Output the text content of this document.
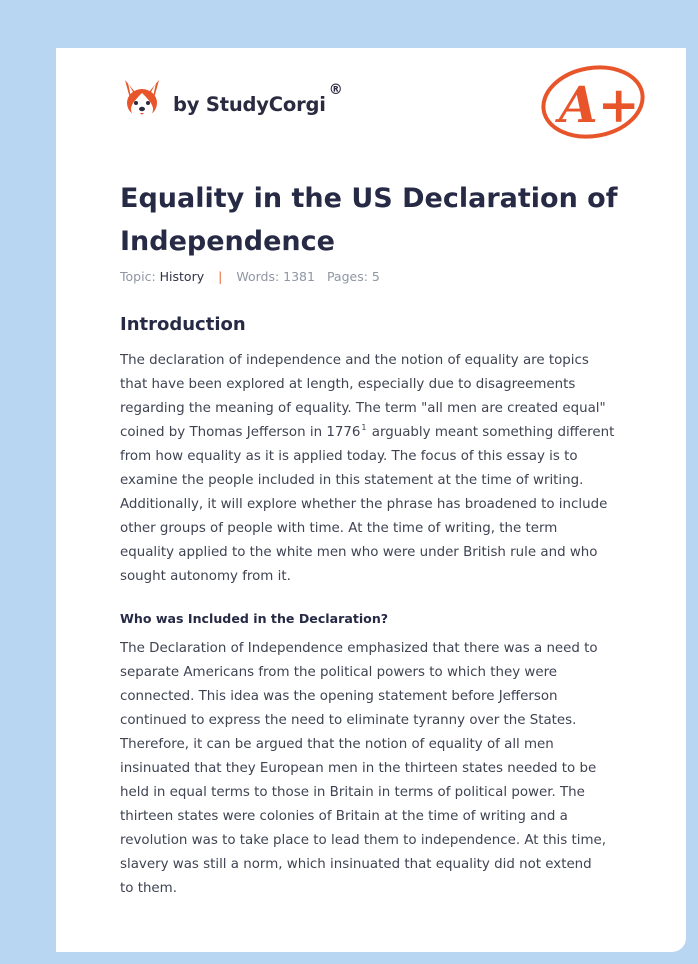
by StudyCorgi
®	A+
Equality in the US Declaration of Independence
Topic: History | Words: 1381 Pages: 5
Introduction
The declaration of independence and the notion of equality are topics
that have been explored at length, especially due to disagreements
regarding the meaning of equality. The term "all men are created equal"
coined by Thomas Jefferson in 1776$^1$ arguably meant something different
from how equality as it is applied today. The focus of this essay is to
examine the people included in this statement at the time of writing.
Additionally, it will explore whether the phrase has broadened to include
other groups of people with time. At the time of writing, the term
equality applied to the white men who were under British rule and who
sought autonomy from it.
Who was Included in the Declaration?
The Declaration of Independence emphasized that there was a need to
separate Americans from the political powers to which they were
connected. This idea was the opening statement before Jefferson
continued to express the need to eliminate tyranny over the States.
Therefore, it can be argued that the notion of equality of all men
insinuated that they European men in the thirteen states needed to be
held in equal terms to those in Britain in terms of political power. The
thirteen states were colonies of Britain at the time of writing and a
revolution was to take place to lead them to independence. At this time,
slavery was still a norm, which insinuated that equality did not extend
to them.
